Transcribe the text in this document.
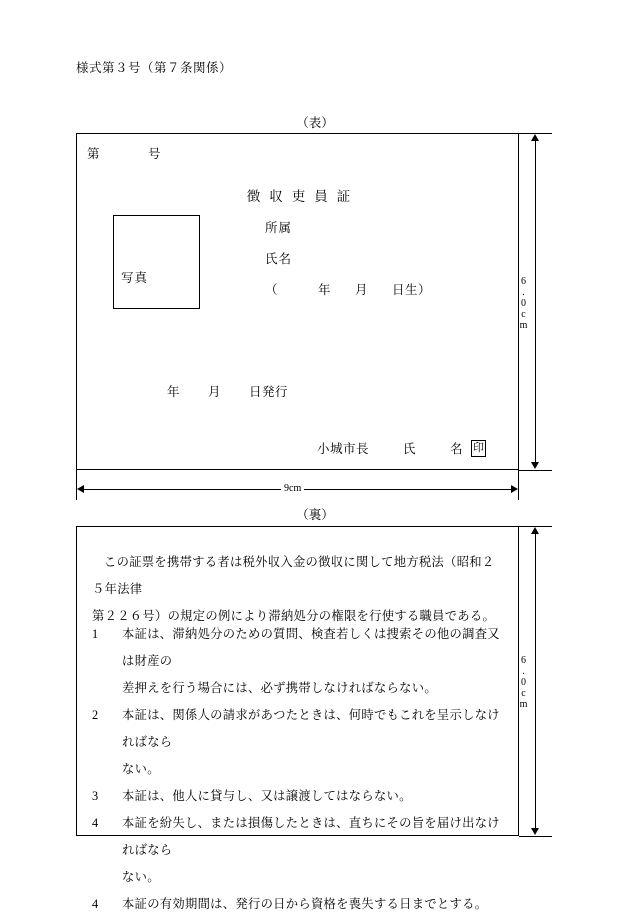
様式第３号（第７条関係）
（表）
第	号
徴収吏員証
写真
所属
氏名
（	年 月 日生）
年 月 日発行
小城市長	氏	名 印
6.0cm
9cm
（裏）
この証票を携帯する者は税外収入金の徴収に関して地方税法（昭和２５年法律
第２２６号）の規定の例により滞納処分の権限を行使する職員である。
1 本証は、滞納処分のための質問、検査若しくは捜索その他の調査又は財産の
差押えを行う場合には、必ず携帯しなければならない。
2 本証は、関係人の請求があつたときは、何時でもこれを呈示しなければなら
ない。
3 本証は、他人に貸与し、又は譲渡してはならない。
4 本証を紛失し、または損傷したときは、直ちにその旨を届け出なければなら
ない。
4 本証の有効期間は、発行の日から資格を喪失する日までとする。
6.0cm
